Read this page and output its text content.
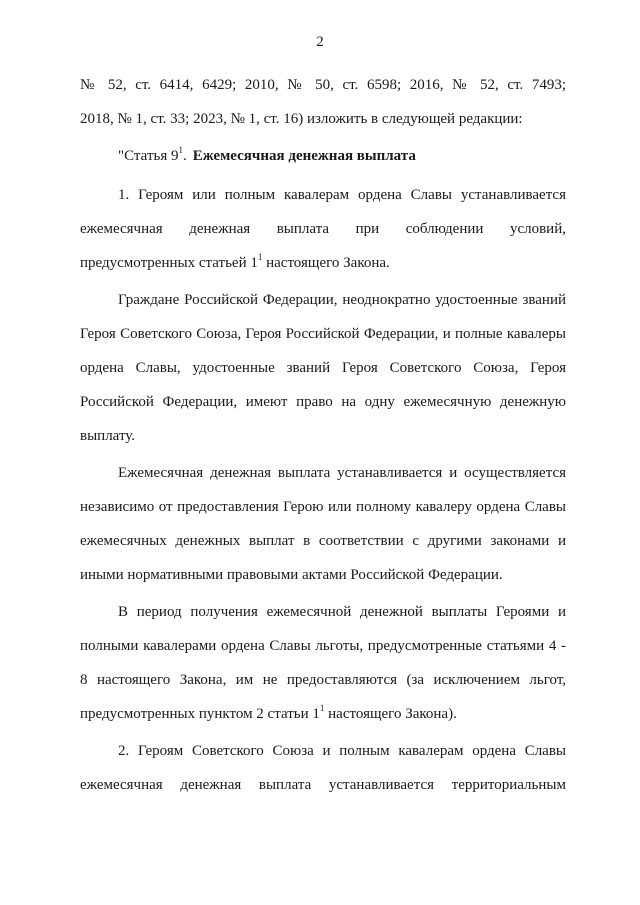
2

№ 52, ст. 6414, 6429; 2010, № 50, ст. 6598; 2016, № 52, ст. 7493;

2018, № 1, ст. 33; 2023, № 1, ст. 16) изложить в следующей редакции:

"Статья $9^1$. Ежемесячная денежная выплата

1. Героям или полным кавалерам ордена Славы устанавливается ежемесячная денежная выплата при соблюдении условий, предусмотренных статьей $1^1$ настоящего Закона.

Граждане Российской Федерации, неоднократно удостоенные званий Героя Советского Союза, Героя Российской Федерации, и полные кавалеры ордена Славы, удостоенные званий Героя Советского Союза, Героя Российской Федерации, имеют право на одну ежемесячную денежную выплату.

Ежемесячная денежная выплата устанавливается и осуществляется независимо от предоставления Герою или полному кавалеру ордена Славы ежемесячных денежных выплат в соответствии с другими законами и иными нормативными правовыми актами Российской Федерации.

В период получения ежемесячной денежной выплаты Героями и полными кавалерами ордена Славы льготы, предусмотренные статьями 4 - 8 настоящего Закона, им не предоставляются (за исключением льгот, предусмотренных пунктом 2 статьи $1^1$ настоящего Закона).

2. Героям Советского Союза и полным кавалерам ордена Славы ежемесячная денежная выплата устанавливается территориальным
